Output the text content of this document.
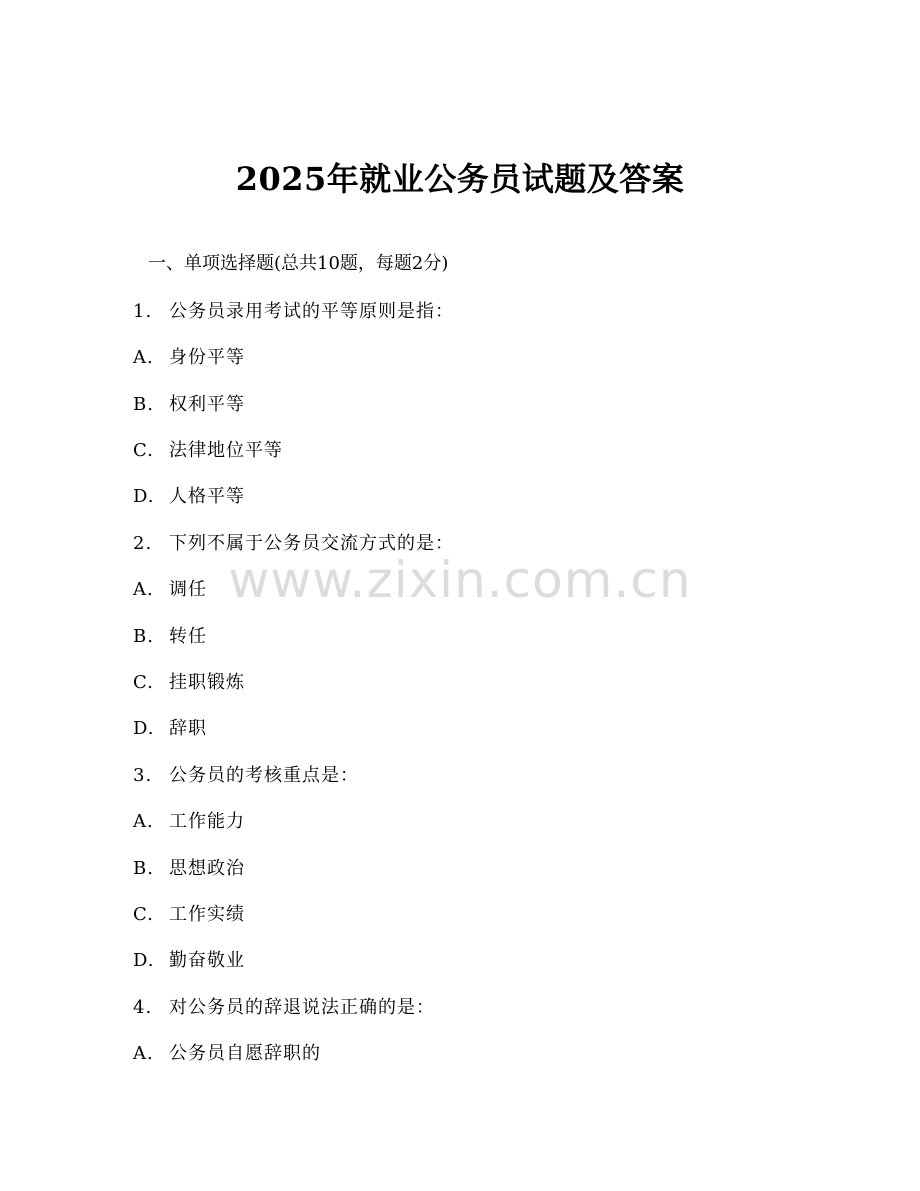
2025年就业公务员试题及答案
一、单项选择题(总共10题，每题2分)
1. 公务员录用考试的平等原则是指：
A. 身份平等
B. 权利平等
C. 法律地位平等
D. 人格平等
2. 下列不属于公务员交流方式的是：
A. 调任
B. 转任
C. 挂职锻炼
D. 辞职
3. 公务员的考核重点是：
A. 工作能力
B. 思想政治
C. 工作实绩
D. 勤奋敬业
4. 对公务员的辞退说法正确的是：
A. 公务员自愿辞职的
www.zixin.com.cn
